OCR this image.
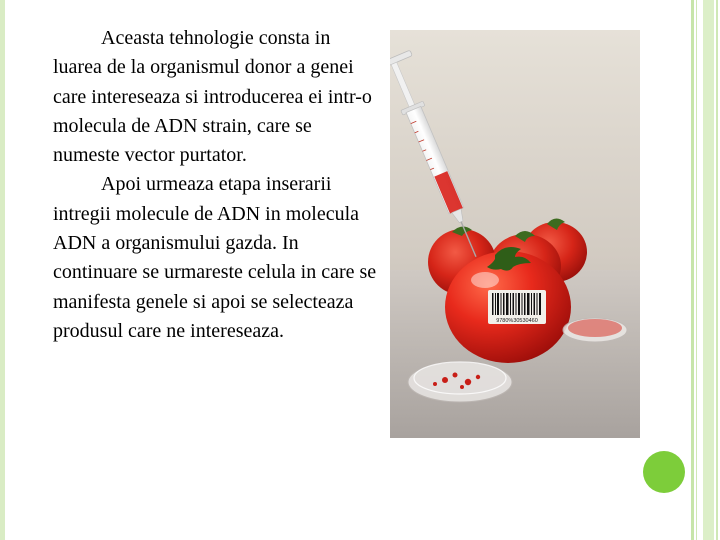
Aceasta tehnologie consta in luarea de la organismul donor a genei care intereseaza si introducerea ei intr-o molecula de ADN strain, care se numeste vector purtator.

Apoi urmeaza etapa inserarii intregii molecule de ADN in molecula ADN a organismului gazda. In continuare se urmareste celula in care se manifesta genele si apoi se selecteaza produsul care ne intereseaza.	9780%30530460
